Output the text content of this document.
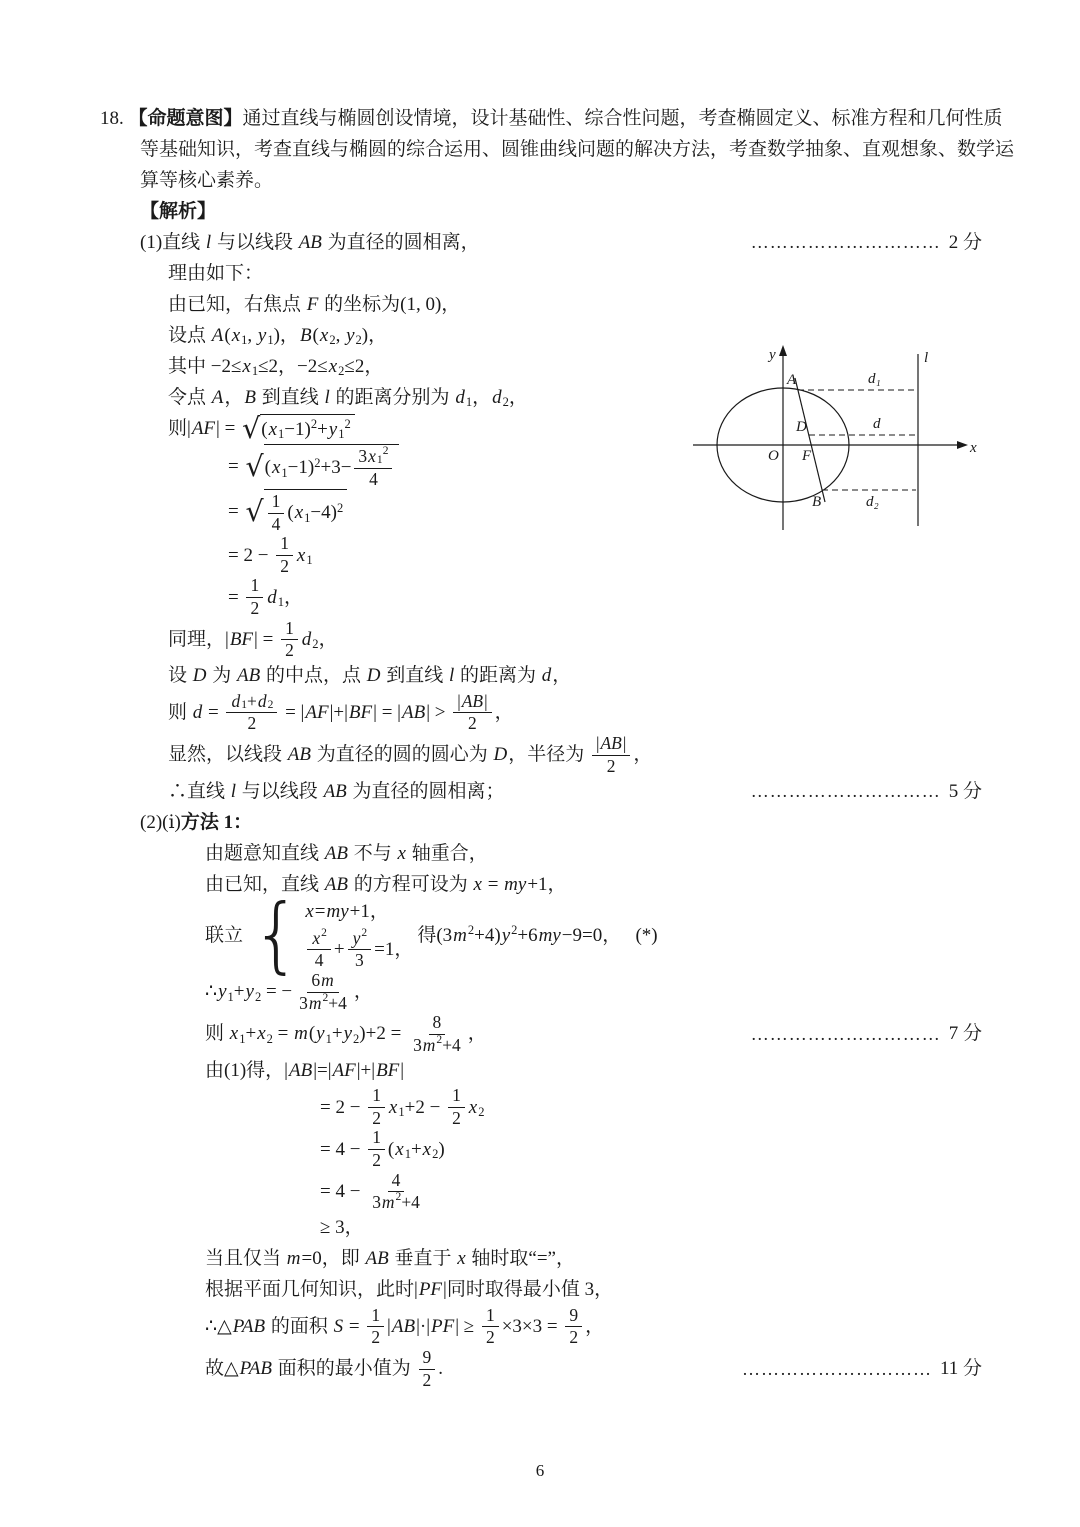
18. 【命题意图】 通过直线与椭圆创设情境，设计基础性、综合性问题，考查椭圆定义、标准方程和几何性质
等基础知识，考查直线与椭圆的综合运用、圆锥曲线问题的解决方法，考查数学抽象、直观想象、数学运
算等核心素养。
【解析】
(1)直线 l 与以线段 AB 为直径的圆相离，	………………………… 2 分
理由如下：
由已知，右焦点 F 的坐标为(1, 0)，
设点 A ( x $_1$ , y $_1$ )， B ( x $_2$ , y $_2$ )，
其中 −2≤ x $_1$ ≤2，−2≤ x $_2$ ≤2，
令点 A ， B 到直线 l 的距离分别为 d $_1$ ， d $_2$ ，
则| AF | = √ ( x $_1$ −1) $^2$ + y $_1$
$^2$
= √ ( x $_1$ −1) $^2$ +3− 3 x $_1$
$^2$
4
= √ $\frac{1}{4}$ ( x $_1$ −4) $^2$
= $2 - \frac{1}{2}$ x $_1$
= $\frac{1}{2}$ d $_1$ ，
同理，| BF | = $\frac{1}{2}$ d $_2$ ，
设 D 为 AB 的中点，点 D 到直线 l 的距离为 d ，
则 $d = \frac{d _1 + d _2}{2}$ = | AF |+| BF | = | AB | > $\frac{| AB |}{2}$ ，
显然，以线段 AB 为直径的圆的圆心为 D ，半径为 $\frac{| AB |}{2}$ ，
∴直线 l 与以线段 AB 为直径的圆相离；	………………………… 5 分
(2)(ⅰ) 方法 1：
由题意知直线 AB 不与 x 轴重合，
由已知，直线 AB 的方程可设为 x = my +1，
联立 { x = my +1，
$\frac{x ^2}{4} + \frac{y ^2}{3} =1$，
得(3 m $^2$ +4) y $^2$ +6 my −9=0，   (*)
∴ y $_1$ + y $_2$ = − $\frac{6 m}{3 m ^2 +4}$ ，
则 x $_1$ + x $_2$ = m ( y $_1$ + y $_2$ )$+2 = \frac{8}{3 m ^2 +4}$ ，	………………………… 7 分
由(1)得，| AB |=| AF |+| BF |
= $2 - \frac{1}{2}$ x $_1 +2 - \frac{1}{2}$ x $_2$
= $4 - \frac{1}{2}$ ( x $_1$ + x $_2$ )
= $4 - \frac{4}{3 m ^2 +4}$
≥ 3，
当且仅当 m =0，即 AB 垂直于 x 轴时取“=”，
根据平面几何知识，此时| PF |同时取得最小值 3，
∴△ PAB 的面积 $S = \frac{1}{2}$ | AB |·| PF | ≥ $\frac{1}{2} \times 3\times 3 = \frac{9}{2}$ ，
故△ PAB 面积的最小值为 $\frac{9}{2}$ .	………………………… 11 分
y
x
l
A
B
D
F
O
d₁
d
d₂
6
